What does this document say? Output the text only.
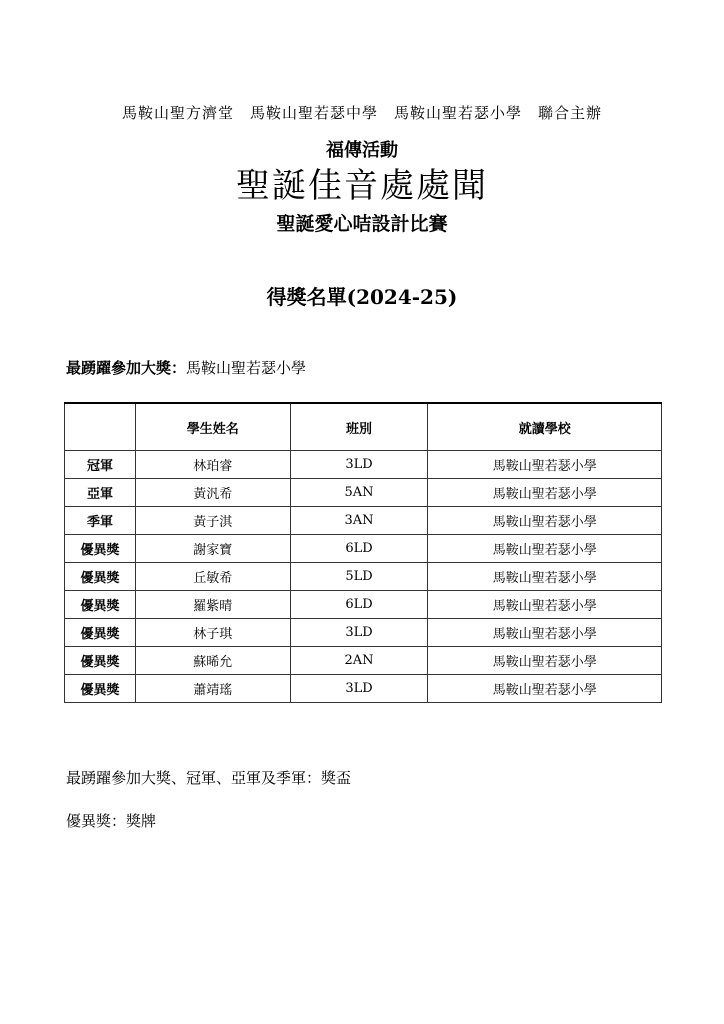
馬鞍山聖方濟堂 馬鞍山聖若瑟中學 馬鞍山聖若瑟小學 聯合主辦
福傳活動
聖誕佳音處處聞
聖誕愛心咭設計比賽
得獎名單(2024-25)
最踴躍參加大獎：馬鞍山聖若瑟小學
	學生姓名	班別	就讀學校
冠軍	林珀睿	3LD	馬鞍山聖若瑟小學
亞軍	黃汎希	5AN	馬鞍山聖若瑟小學
季軍	黃子淇	3AN	馬鞍山聖若瑟小學
優異獎	謝家寶	6LD	馬鞍山聖若瑟小學
優異獎	丘敏希	5LD	馬鞍山聖若瑟小學
優異獎	羅紫晴	6LD	馬鞍山聖若瑟小學
優異獎	林子琪	3LD	馬鞍山聖若瑟小學
優異獎	蘇晞允	2AN	馬鞍山聖若瑟小學
優異獎	蕭靖瑤	3LD	馬鞍山聖若瑟小學
最踴躍參加大獎、冠軍、亞軍及季軍：獎盃
優異獎：獎牌
